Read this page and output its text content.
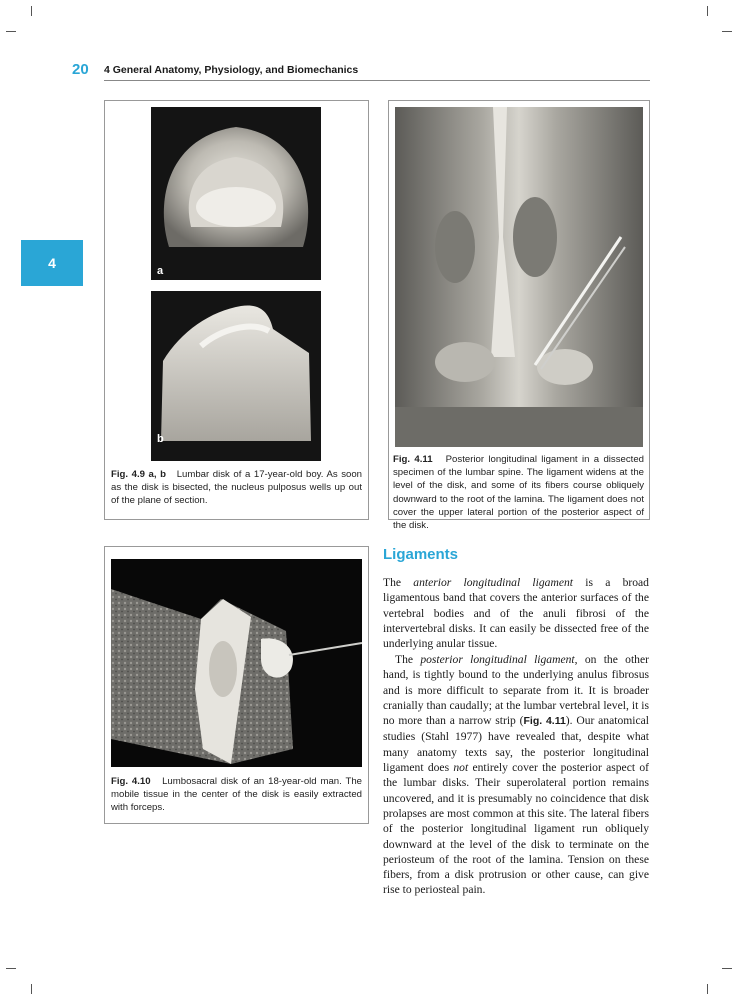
20 4 General Anatomy, Physiology, and Biomechanics
4	a
b
Fig. 4.9 a, b Lumbar disk of a 17-year-old boy. As soon as the disk is bisected, the nucleus pulposus wells up out of the plane of section.
Fig. 4.11 Posterior longitudinal ligament in a dissected specimen of the lumbar spine. The ligament widens at the level of the disk, and some of its fibers course obliquely downward to the root of the lamina. The ligament does not cover the upper lateral portion of the posterior aspect of the disk.
Fig. 4.10 Lumbosacral disk of an 18-year-old man. The mobile tissue in the center of the disk is easily extracted with forceps.
Ligaments

The anterior longitudinal ligament is a broad ligamentous band that covers the anterior surfaces of the vertebral bodies and of the anuli fibrosi of the intervertebral disks. It can easily be dissected free of the underlying anular tissue.

The posterior longitudinal ligament, on the other hand, is tightly bound to the underlying anulus fibrosus and is more difficult to separate from it. It is broader cranially than caudally; at the lumbar vertebral level, it is no more than a narrow strip (Fig. 4.11). Our anatomical studies (Stahl 1977) have revealed that, despite what many anatomy texts say, the posterior longitudinal ligament does not entirely cover the posterior aspect of the lumbar disks. Their superolateral portion remains uncovered, and it is presumably no coincidence that disk prolapses are most common at this site. The lateral fibers of the posterior longitudinal ligament run obliquely downward at the level of the disk to terminate on the periosteum of the root of the lamina. Tension on these fibers, from a disk protrusion or other cause, can give rise to periosteal pain.
